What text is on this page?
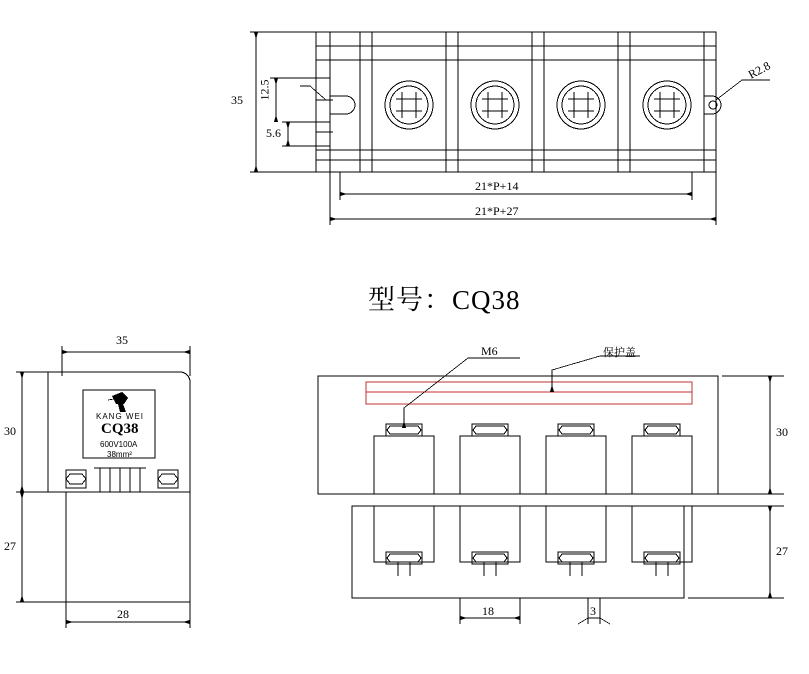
型号：CQ38
35 12.5
5.6
R2.8
21*P+14
21*P+27
35
30
27
28
KANG WEI
CQ38
600V100A
38mm²
M6	保护盖
30
27
18	3
